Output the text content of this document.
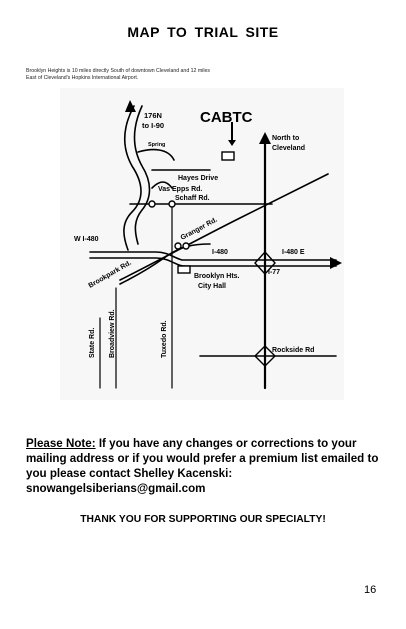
MAP TO TRIAL SITE
Brooklyn Heights is 10 miles directly South of downtown Cleveland and 12 miles
East of Cleveland's Hopkins International Airport.
CABTC
176N
to I-90
Spring
North to
Cleveland
Hayes Drive
Vas Epps Rd.
Schaff Rd.
Granger Rd.
W I-480
I-480	I-480 E
Brookpark Rd.	Brooklyn Hts.
City Hall
I-77
State Rd. Broadview Rd.	Tuxedo Rd.	Rockside Rd
Please Note: If you have any changes or corrections to your mailing address or if you would prefer a premium list emailed to you please contact Shelley Kacenski: snowangelsiberians@gmail.com
THANK YOU FOR SUPPORTING OUR SPECIALTY!
16
